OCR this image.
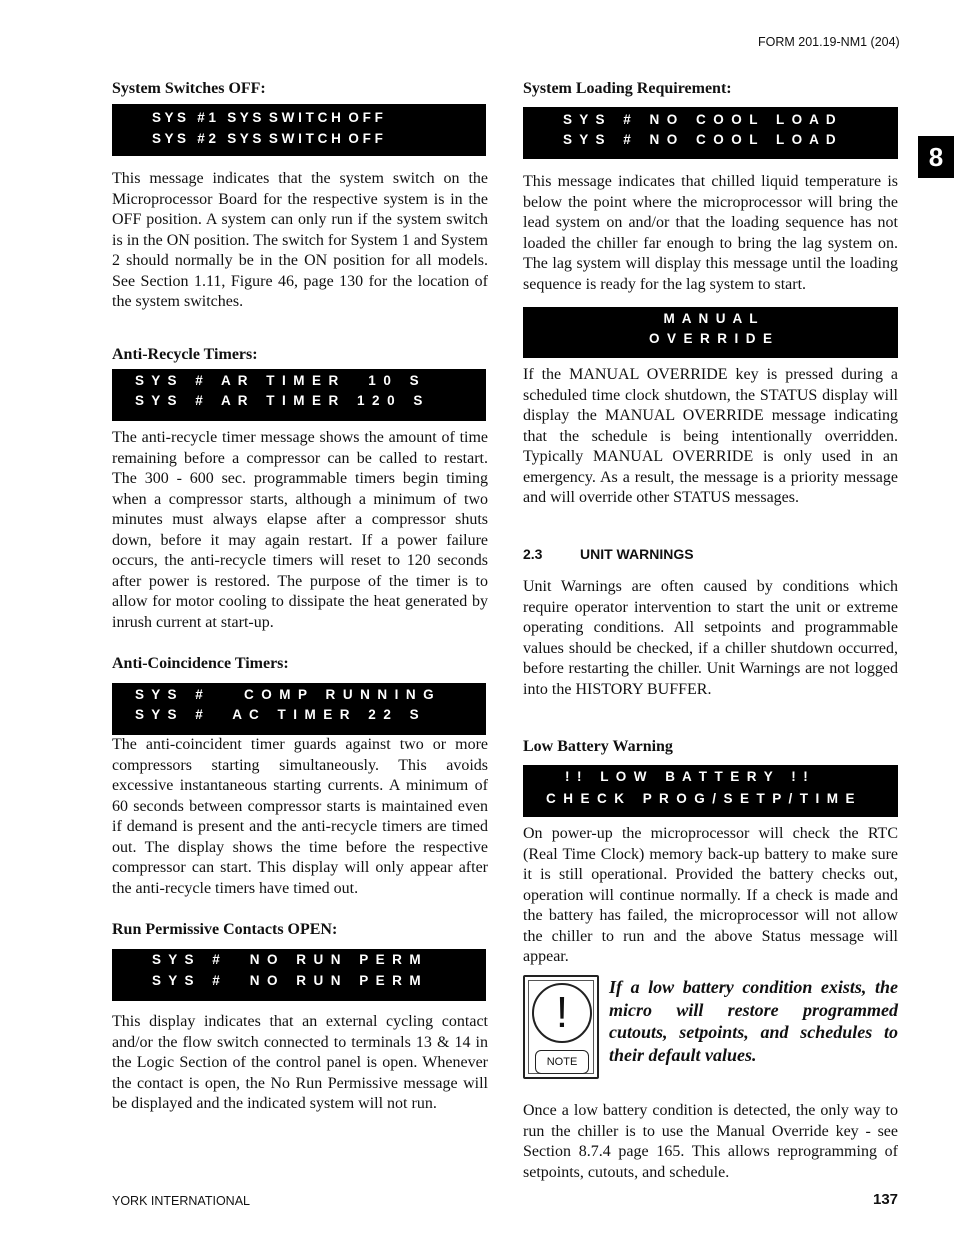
FORM 201.19-NM1 (204)
8
System Switches OFF:
S Y S   # 1   S Y S  S W I T C H  O F F
S Y S   # 2   S Y S  S W I T C H  O F F
This message indicates that the system switch on the Microprocessor Board for the respective system is in the OFF position. A system can only run if the system switch is in the ON position. The switch for System 1 and System 2 should normally be in the ON position for all models. See Section 1.11, Figure 46, page 130 for the location of the system switches.
Anti-Recycle Timers:
S  Y  S     #     A  R     T  I  M  E  R        1  0     S
S  Y  S     #     A  R     T  I  M  E  R     1  2  0     S
The anti-recycle timer message shows the amount of time remaining before a compressor can be called to restart. The 300 - 600 sec. programmable timers begin timing when a compressor starts, although a minimum of two minutes must always elapse after a compressor shuts down, before it may again restart. If a power failure occurs, the anti-recycle timers will reset to 120 seconds after power is restored. The purpose of the timer is to allow for motor cooling to dissipate the heat generated by inrush current at start-up.
Anti-Coincidence Timers:
S  Y  S     #           C  O  M  P     R  U  N  N  I  N  G
S  Y  S     #        A  C     T  I  M  E  R     2  2     S
The anti-coincident timer guards against two or more compressors starting simultaneously. This avoids excessive instantaneous starting currents. A minimum of 60 seconds between compressor starts is maintained even if demand is present and the anti-recycle timers are timed out. The display shows the time before the respective compressor can start. This display will only appear after the anti-recycle timers have timed out.
Run Permissive Contacts OPEN:
S  Y  S     #        N  O     R  U  N     P  E  R  M
S  Y  S     #        N  O     R  U  N     P  E  R  M
This display indicates that an external cycling contact and/or the flow switch connected to terminals 13 & 14 in the Logic Section of the control panel is open. Whenever the contact is open, the No Run Permissive message will be displayed and the indicated system will not run.
System Loading Requirement:
S  Y  S     #     N  O     C  O  O  L     L  O  A  D
S  Y  S     #     N  O     C  O  O  L     L  O  A  D
This message indicates that chilled liquid temperature is below the point where the microprocessor will bring the lead system on and/or that the loading sequence has not loaded the chiller far enough to bring the lag system on. The lag system will display this message until the loading sequence is ready for the lag system to start.
M  A  N  U  A  L
O  V  E  R  R  I  D  E
If the MANUAL OVERRIDE key is pressed during a scheduled time clock shutdown, the STATUS display will display the MANUAL OVERRIDE message indicating that the schedule is being intentionally overridden. Typically MANUAL OVERRIDE is only used in an emergency. As a result, the message is a priority message and will override other STATUS messages.
2.3	UNIT WARNINGS
Unit Warnings are often caused by conditions which require operator intervention to start the unit or extreme operating conditions. All setpoints and programmable values should be checked, if a chiller shutdown occurred, before restarting the chiller. Unit Warnings are not logged into the HISTORY BUFFER.
Low Battery Warning
!  !     L  O  W     B  A  T  T  E  R  Y     !  !
C  H  E  C  K     P  R  O  G  /  S  E  T  P  /  T  I  M  E
On power-up the microprocessor will check the RTC (Real Time Clock) memory back-up battery to make sure it is still operational. Provided the battery checks out, operation will continue normally. If a check is made and the battery has failed, the microprocessor will not allow the chiller to run and the above Status message will appear.
!
NOTE
If a low battery condition exists, the micro will restore programmed cutouts, setpoints, and schedules to their default values.
Once a low battery condition is detected, the only way to run the chiller is to use the Manual Override key - see Section 8.7.4 page 165. This allows reprogramming of setpoints, cutouts, and schedule.
YORK INTERNATIONAL	137
